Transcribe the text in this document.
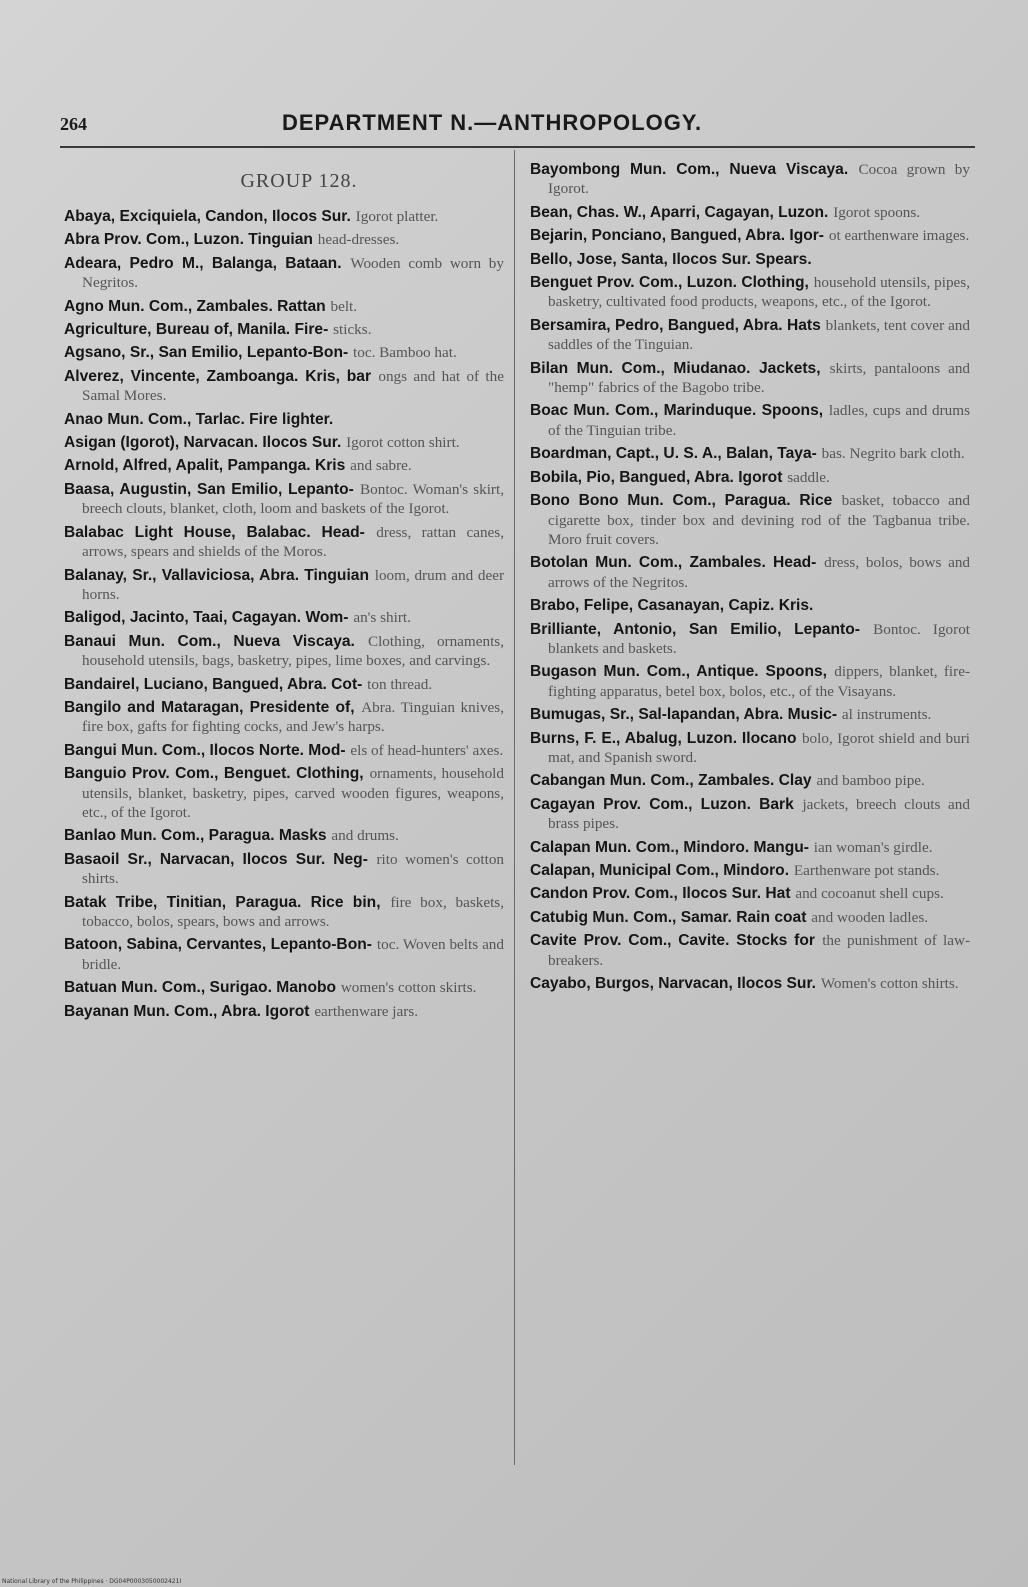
264	DEPARTMENT N.—ANTHROPOLOGY.
GROUP 128.
Abaya, Exciquiela, Candon, Ilocos Sur. Igorot platter.
Abra Prov. Com., Luzon. Tinguian head-dresses.
Adeara, Pedro M., Balanga, Bataan. Wooden comb worn by Negritos.
Agno Mun. Com., Zambales. Rattan belt.
Agriculture, Bureau of, Manila. Fire- sticks.
Agsano, Sr., San Emilio, Lepanto-Bon- toc. Bamboo hat.
Alverez, Vincente, Zamboanga. Kris, bar ongs and hat of the Samal Mores.
Anao Mun. Com., Tarlac. Fire lighter.
Asigan (Igorot), Narvacan. Ilocos Sur. Igorot cotton shirt.
Arnold, Alfred, Apalit, Pampanga. Kris and sabre.
Baasa, Augustin, San Emilio, Lepanto- Bontoc. Woman's skirt, breech clouts, blanket, cloth, loom and baskets of the Igorot.
Balabac Light House, Balabac. Head- dress, rattan canes, arrows, spears and shields of the Moros.
Balanay, Sr., Vallaviciosa, Abra. Tinguian loom, drum and deer horns.
Baligod, Jacinto, Taai, Cagayan. Wom- an's shirt.
Banaui Mun. Com., Nueva Viscaya. Clothing, ornaments, household utensils, bags, basketry, pipes, lime boxes, and carvings.
Bandairel, Luciano, Bangued, Abra. Cot- ton thread.
Bangilo and Mataragan, Presidente of, Abra. Tinguian knives, fire box, gafts for fighting cocks, and Jew's harps.
Bangui Mun. Com., Ilocos Norte. Mod- els of head-hunters' axes.
Banguio Prov. Com., Benguet. Clothing, ornaments, household utensils, blanket, basketry, pipes, carved wooden figures, weapons, etc., of the Igorot.
Banlao Mun. Com., Paragua. Masks and drums.
Basaoil Sr., Narvacan, Ilocos Sur. Neg- rito women's cotton shirts.
Batak Tribe, Tinitian, Paragua. Rice bin, fire box, baskets, tobacco, bolos, spears, bows and arrows.
Batoon, Sabina, Cervantes, Lepanto-Bon- toc. Woven belts and bridle.
Batuan Mun. Com., Surigao. Manobo women's cotton skirts.
Bayanan Mun. Com., Abra. Igorot earthenware jars.
Bayombong Mun. Com., Nueva Viscaya. Cocoa grown by Igorot.
Bean, Chas. W., Aparri, Cagayan, Luzon. Igorot spoons.
Bejarin, Ponciano, Bangued, Abra. Igor- ot earthenware images.
Bello, Jose, Santa, Ilocos Sur. Spears.
Benguet Prov. Com., Luzon. Clothing, household utensils, pipes, basketry, cultivated food products, weapons, etc., of the Igorot.
Bersamira, Pedro, Bangued, Abra. Hats blankets, tent cover and saddles of the Tinguian.
Bilan Mun. Com., Miudanao. Jackets, skirts, pantaloons and "hemp" fabrics of the Bagobo tribe.
Boac Mun. Com., Marinduque. Spoons, ladles, cups and drums of the Tinguian tribe.
Boardman, Capt., U. S. A., Balan, Taya- bas. Negrito bark cloth.
Bobila, Pio, Bangued, Abra. Igorot saddle.
Bono Bono Mun. Com., Paragua. Rice basket, tobacco and cigarette box, tinder box and devining rod of the Tagbanua tribe. Moro fruit covers.
Botolan Mun. Com., Zambales. Head- dress, bolos, bows and arrows of the Negritos.
Brabo, Felipe, Casanayan, Capiz. Kris.
Brilliante, Antonio, San Emilio, Lepanto- Bontoc. Igorot blankets and baskets.
Bugason Mun. Com., Antique. Spoons, dippers, blanket, fire-fighting apparatus, betel box, bolos, etc., of the Visayans.
Bumugas, Sr., Sal-lapandan, Abra. Music- al instruments.
Burns, F. E., Abalug, Luzon. Ilocano bolo, Igorot shield and buri mat, and Spanish sword.
Cabangan Mun. Com., Zambales. Clay and bamboo pipe.
Cagayan Prov. Com., Luzon. Bark jackets, breech clouts and brass pipes.
Calapan Mun. Com., Mindoro. Mangu- ian woman's girdle.
Calapan, Municipal Com., Mindoro. Earthenware pot stands.
Candon Prov. Com., Ilocos Sur. Hat and cocoanut shell cups.
Catubig Mun. Com., Samar. Rain coat and wooden ladles.
Cavite Prov. Com., Cavite. Stocks for the punishment of law-breakers.
Cayabo, Burgos, Narvacan, Ilocos Sur. Women's cotton shirts.
National Library of the Philippines · DG04P0003050002421I
